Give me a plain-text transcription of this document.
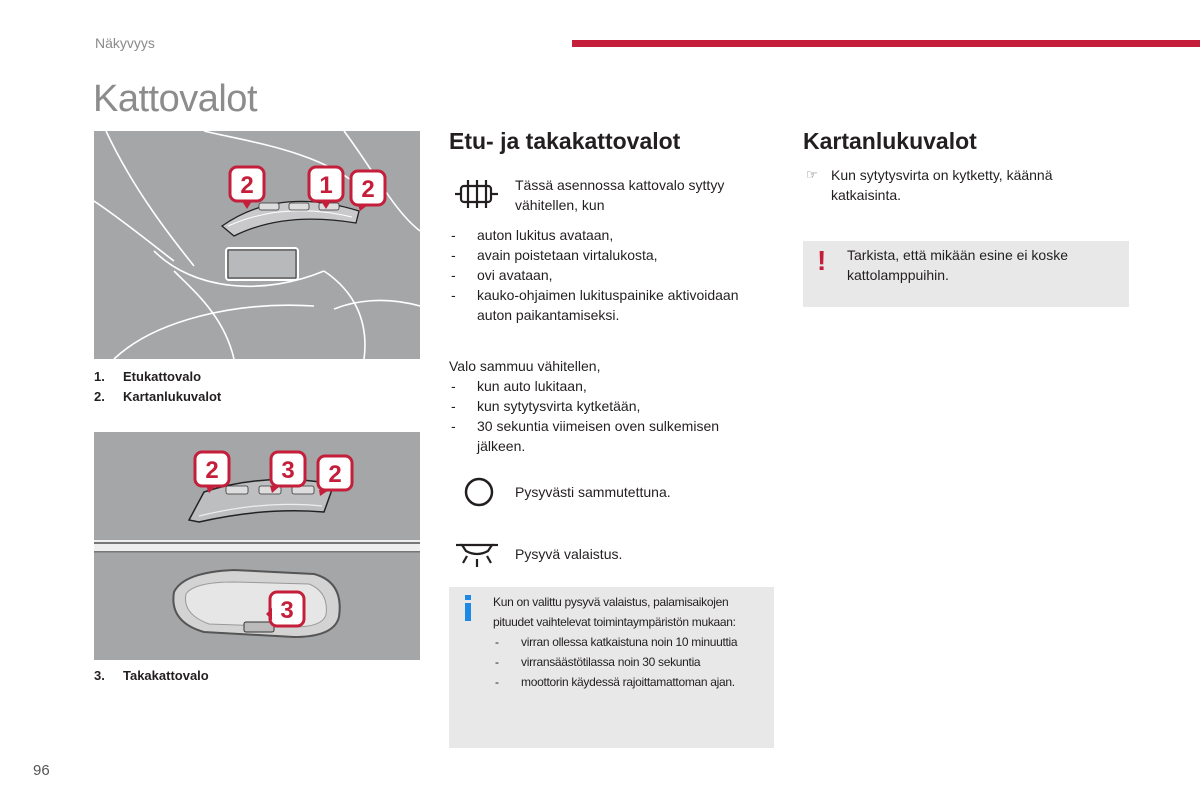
Näkyvyys
Kattovalot
2	1 2
1. Etukattovalo
2. Kartanlukuvalot
2	3 2
3
3. Takakattovalo
Etu- ja takakattovalot
Tässä asennossa kattovalo syttyy vähitellen, kun
- auton lukitus avataan,
- avain poistetaan virtalukosta,
- ovi avataan,
- kauko-ohjaimen lukituspainike aktivoidaan auton paikantamiseksi.
Valo sammuu vähitellen,
- kun auto lukitaan,
- kun sytytysvirta kytketään,
- 30 sekuntia viimeisen oven sulkemisen jälkeen.
Pysyvästi sammutettuna.
Pysyvä valaistus.
Kun on valittu pysyvä valaistus, palamisaikojen pituudet vaihtelevat toimintaympäristön mukaan:
- virran ollessa katkaistuna noin 10 minuuttia
- virransäästötilassa noin 30 sekuntia
- moottorin käydessä rajoittamattoman ajan.
Kartanlukuvalot
☞ Kun sytytysvirta on kytketty, käännä katkaisinta.
! Tarkista, että mikään esine ei koske kattolamppuihin.
96
